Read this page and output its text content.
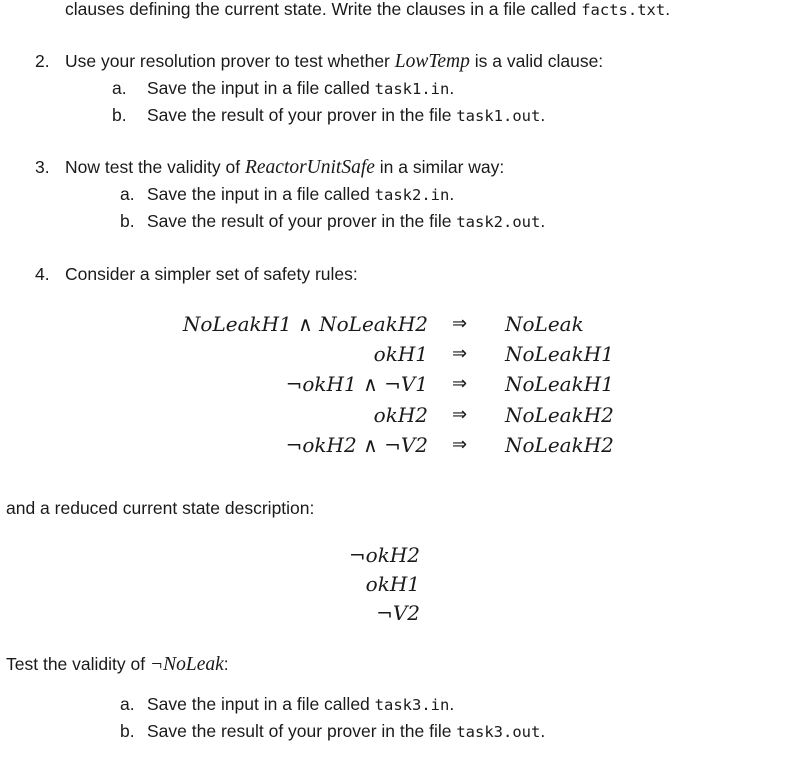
clauses defining the current state. Write the clauses in a file called facts.txt.
2. Use your resolution prover to test whether LowTemp is a valid clause:
a. Save the input in a file called task1.in.
b. Save the result of your prover in the file task1.out.
3. Now test the validity of ReactorUnitSafe in a similar way:
a. Save the input in a file called task2.in.
b. Save the result of your prover in the file task2.out.
4. Consider a simpler set of safety rules:
NoLeakH1 ∧ NoLeakH2 ⇒ NoLeak
okH1 ⇒ NoLeakH1
¬okH1 ∧ ¬V1 ⇒ NoLeakH1
okH2 ⇒ NoLeakH2
¬okH2 ∧ ¬V2 ⇒ NoLeakH2
and a reduced current state description:
¬okH2
okH1
¬V2
Test the validity of ¬NoLeak:
a. Save the input in a file called task3.in.
b. Save the result of your prover in the file task3.out.
